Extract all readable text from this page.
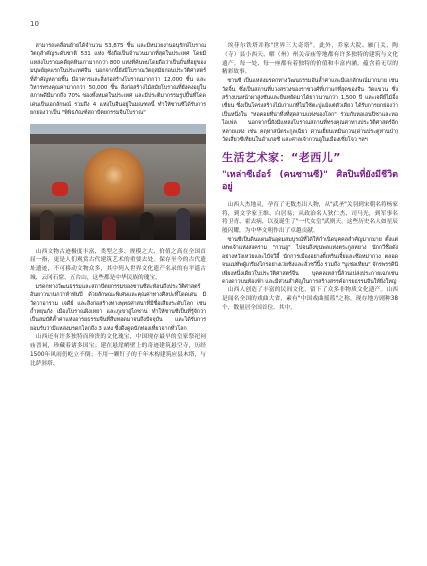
10

สามารถเคลื่อนย้ายได้จำนวน 53,875 ชิ้น และมีหน่วยงานอนุรักษ์โบราณวัตถุสำคัญระดับชาติ 531 แห่ง ซึ่งถือเป็นจำนวนมากที่สุดในประเทศ โดยมีแหล่งโบราณคดียุคหินเก่ามากกว่า 800 แห่งที่ค้นพบโดยถือว่าเป็นถิ่นที่อยู่ของมนุษย์ยุคแรกในประเทศจีน นอกจากนี้ยังมีโบราณวัตถุสมัยก่อนประวัติศาสตร์ที่สำคัญหลายชิ้น มีอาคารและสิ่งก่อสร้างโบราณมากกว่า 12,000 ชิ้น และวิหารทรงคุณค่ามากกว่า 50,000 ชิ้น สิ่งก่อสร้างไม้สมัยโบราณที่ยังคงอยู่ในสภาพดีมีมากถึง 70% ของทั้งหมดในประเทศ และมีประติมากรรมรูปปั้นที่โดดเด่นเป็นเอกลักษณ์ รวมถึง 4 แห่งในจีนอยู่ในมณฑลนี้ ทำให้ซานซีได้รับการยกย่องว่าเป็น "พิพิธภัณฑ์สถาปัตยกรรมจีนโบราณ"

山西文物古迹极度丰富，类型之多、规模之大、价值之高在全国首屈一指，更是人们观赏古代建筑艺术的重要去处。保存至今的古代遗址遗迹，不可移动文物众多，其中列入世界文化遗产名录的有平遥古城、云冈石窟、五台山，这些都是中华民族的瑰宝。

มรดกทางวัฒนธรรมและสถาปัตยกรรมของซานซีสะท้อนถึงประวัติศาสตร์อันยาวนานกว่าห้าพันปี ด้วยลักษณะพิเศษและคุณค่าทางศิลปะที่โดดเด่น มีวัดวาอาราม เจดีย์ และสิ่งก่อสร้างทางพุทธศาสนาที่มีชื่อเสียงระดับโลก เช่น ถ้ำหยุนกัง เมืองโบราณผิงเหยา และภูเขาอู่ไถซาน ทำให้ซานซีเป็นที่รู้จักว่าเป็นสมบัติล้ำค่าแห่งอารยธรรมจีนที่สืบทอดมาจนถึงปัจจุบัน และได้รับการยอมรับว่ามีแหล่งมรดกโลกถึง 3 แห่ง ซึ่งดึงดูดนักท่องเที่ยวจากทั่วโลก

山西还有许多独特而珍贵的文化瑰宝，中国现存最早的皇家祭祀祠庙晋祠，珍藏着诸多国宝；建在悬崖峭壁上的奇迹建筑悬空寺，历经1500年风雨仍屹立不倒；不用一颗钉子的千年木构建筑应县木塔，与比萨斜塔、

埃菲尔铁塔并称"世界三大奇塔"。此外，乔家大院、雁门关、陶（寺）县小西天、解（州）州关帝庙等地都有许多独特的建筑与文化遗产。每一处、每一座都有着独特的价值和丰富内涵，蕴含着无尽的精彩故事。

ซานซี เป็นแหล่งมรดกทางวัฒนธรรมอันล้ำค่าและมีเอกลักษณ์มากมาย เช่น วัดจิ้น ซึ่งเป็นสถานที่บวงสรวงของราชวงศ์ที่เก่าแก่ที่สุดของจีน วัดแขวน ซึ่งสร้างบนหน้าผาสูงชันและยืนหยัดมาได้ยาวนานกว่า 1,500 ปี และเจดีย์ไม้อิ้งเซี่ยน ซึ่งเป็นโครงสร้างไม้เก่าแก่ที่ไม่ใช้ตะปูแม้แต่ตัวเดียว ได้รับการยกย่องว่าเป็นหนึ่งใน "หอคอยที่น่าทึ่งที่สุดสามแห่งของโลก" ร่วมกับหอเอนปิซาและหอไอเฟล นอกจากนี้ยังมีแหล่งโบราณสถานที่ทรงคุณค่าทางประวัติศาสตร์อีกหลายแห่ง เช่น คฤหาสน์ตระกูลเฉียว ด่านเยี่ยนเหมินกวน(ด่านประตูห่านป่า) วัดเสี่ยวซีเทียนในอำเภอซี และศาลเจ้ากวนอูในเมืองเซี่ยโจว ฯลฯ

生活艺术家：“老西儿”
"เหล่าซีเอ๋อร์ (คนซานซี)" ศิลปินที่ยังมีชีวิตอยู่

山西人杰地灵，孕育了无数杰出人物，从"武圣"关羽到宋朝名将杨家将，到文学家王维、白居易；从政治名人狄仁杰、司马光，到军事名将卫青、霍去病，以及诞生了"一代女皇"武则天。这些历史名人如星辰般闪耀，为中华文明作出了卓越贡献。

ซานซีเป็นดินแดนอันอุดมสมบูรณ์ที่ได้ให้กำเนิดบุคคลสำคัญมากมาย ตั้งแต่เทพเจ้าแห่งสงคราม "กวนอู" ไปจนถึงขุนพลแห่งตระกูลหยาง นักกวีชื่อดังอย่างหวังเหว่ยและไป๋จวีอี้ นักการเมืองอย่างตี๋เหรินเจี๋ยและซือหม่ากวง ตลอดจนแม่ทัพผู้เกรียงไกรอย่างเว่ยชิงและฮั่วชวี่ปิ้ง รวมถึง "บูเช่อเทียน" จักรพรรดินีเพียงหนึ่งเดียวในประวัติศาสตร์จีน บุคคลเหล่านี้ล้วนเปล่งประกายเฉกเช่นดวงดาวบนท้องฟ้า และมีส่วนสำคัญในการสร้างสรรค์อารยธรรมจีนให้ยิ่งใหญ่

山西人创造了丰富的民间文化，留下了众多非物质文化遗产。山西是闻名全国的戏曲大省，素有"中国戏曲摇篮"之称。现存地方剧种38个，数量居全国首位。其中，
